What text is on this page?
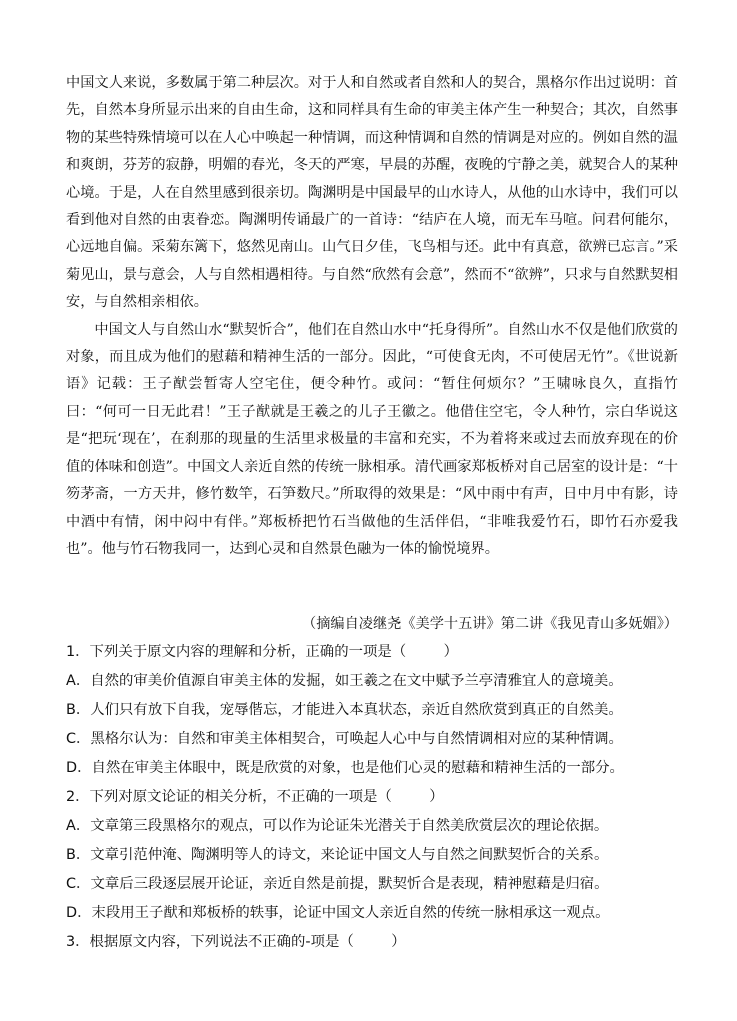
中国文人来说，多数属于第二种层次。对于人和自然或者自然和人的契合，黑格尔作出过说明：首先，自然本身所显示出来的自由生命，这和同样具有生命的审美主体产生一种契合；其次，自然事物的某些特殊情境可以在人心中唤起一种情调，而这种情调和自然的情调是对应的。例如自然的温和爽朗，芬芳的寂静，明媚的春光，冬天的严寒，早晨的苏醒，夜晚的宁静之美，就契合人的某种心境。于是，人在自然里感到很亲切。陶渊明是中国最早的山水诗人，从他的山水诗中，我们可以看到他对自然的由衷眷恋。陶渊明传诵最广的一首诗：“结庐在人境，而无车马喧。问君何能尔，心远地自偏。采菊东篱下，悠然见南山。山气日夕佳，飞鸟相与还。此中有真意，欲辨已忘言。”采菊见山，景与意会，人与自然相遇相待。与自然“欣然有会意”，然而不“欲辨”，只求与自然默契相安，与自然相亲相依。

中国文人与自然山水“默契忻合”，他们在自然山水中“托身得所”。自然山水不仅是他们欣赏的对象，而且成为他们的慰藉和精神生活的一部分。因此，“可使食无肉，不可使居无竹”。《世说新语》记载：王子猷尝暂寄人空宅住，便令种竹。或问：“暂住何烦尔？”王啸咏良久，直指竹曰：“何可一日无此君！”王子猷就是王羲之的儿子王徽之。他借住空宅，令人种竹，宗白华说这是“把玩‘现在’，在刹那的现量的生活里求极量的丰富和充实，不为着将来或过去而放弃现在的价值的体味和创造”。中国文人亲近自然的传统一脉相承。清代画家郑板桥对自己居室的设计是：“十笏茅斋，一方天井，修竹数竿，石笋数尺。”所取得的效果是：“风中雨中有声，日中月中有影，诗中酒中有情，闲中闷中有伴。”郑板桥把竹石当做他的生活伴侣，“非唯我爱竹石，即竹石亦爱我也”。他与竹石物我同一，达到心灵和自然景色融为一体的愉悦境界。

（摘编自凌继尧《美学十五讲》第二讲《我见青山多妩媚》）

1．下列关于原文内容的理解和分析，正确的一项是（	）

A．自然的审美价值源自审美主体的发掘，如王羲之在文中赋予兰亭清雅宜人的意境美。

B．人们只有放下自我，宠辱偕忘，才能进入本真状态，亲近自然欣赏到真正的自然美。

C．黑格尔认为：自然和审美主体相契合，可唤起人心中与自然情调相对应的某种情调。

D．自然在审美主体眼中，既是欣赏的对象，也是他们心灵的慰藉和精神生活的一部分。

2．下列对原文论证的相关分析，不正确的一项是（	）

A．文章第三段黑格尔的观点，可以作为论证朱光潜关于自然美欣赏层次的理论依据。

B．文章引范仲淹、陶渊明等人的诗文，来论证中国文人与自然之间默契忻合的关系。

C．文章后三段逐层展开论证，亲近自然是前提，默契忻合是表现，精神慰藉是归宿。

D．末段用王子猷和郑板桥的轶事，论证中国文人亲近自然的传统一脉相承这一观点。

3．根据原文内容，下列说法不正确的-项是（	）
